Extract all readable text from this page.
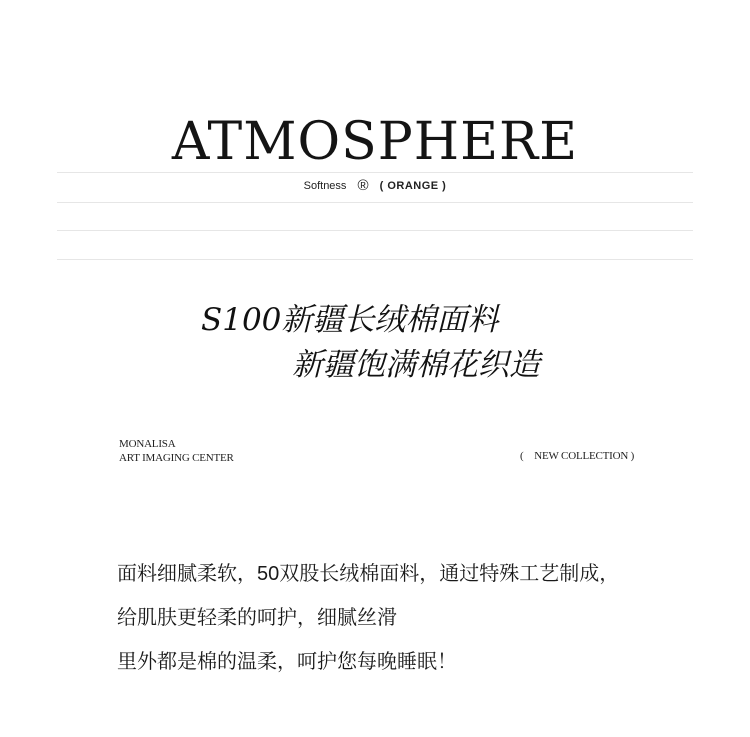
ATMOSPHERE
Softness ® ( ORANGE )
S100新疆长绒棉面料
新疆饱满棉花织造
MONALISA
ART IMAGING CENTER	(　NEW COLLECTION )
面料细腻柔软，50双股长绒棉面料，通过特殊工艺制成，
给肌肤更轻柔的呵护，细腻丝滑
里外都是棉的温柔，呵护您每晚睡眠！
